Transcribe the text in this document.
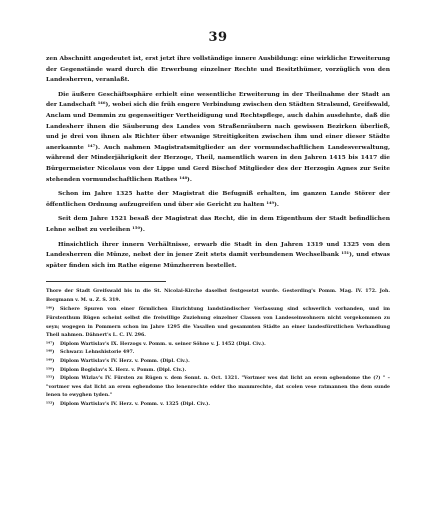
39

zen Abschnitt angedeutet ist, erst jetzt ihre vollständige innere Ausbildung: eine wirkliche Erweiterung der Gegenstände ward durch die Erwerbung einzelner Rechte und Besitzthümer, vorzüglich von den Landesherren, veranlaßt.

Die äußere Geschäftssphäre erhielt eine wesentliche Erweiterung in der Theilnahme der Stadt an der Landschaft ¹⁴⁶), wobei sich die früh engere Verbindung zwischen den Städten Stralsund, Greifswald, Anclam und Demmin zu gegenseitiger Vertheidigung und Rechtspflege, auch dahin ausdehnte, daß die Landesherr ihnen die Säuberung des Landes von Straßenräubern nach gewissen Bezirken überließ, und je drei von ihnen als Richter über etwanige Streitigkeiten zwischen ihm und einer dieser Städte anerkannte ¹⁴⁷). Auch nahmen Magistratsmitglieder an der vormundschaftlichen Landesverwaltung, während der Minderjährigkeit der Herzoge, Theil, namentlich waren in den Jahren 1415 bis 1417 die Bürgermeister Nicolaus von der Lippe und Gerd Bischof Mitglieder des der Herzogin Agnes zur Seite stehenden vormundschaftlichen Rathes ¹⁴⁸).

Schon im Jahre 1325 hatte der Magistrat die Befugniß erhalten, im ganzen Lande Störer der öffentlichen Ordnung aufzugreifen und über sie Gericht zu halten ¹⁴⁹).

Seit dem Jahre 1521 besaß der Magistrat das Recht, die in dem Eigenthum der Stadt befindlichen Lehne selbst zu verleihen ¹⁵⁰).

Hinsichtlich ihrer innern Verhältnisse, erwarb die Stadt in den Jahren 1319 und 1325 von den Landesherren die Münze, nebst der in jener Zeit stets damit verbundenen Wechselbank ¹⁵¹), und etwas später finden sich im Rathe eigene Münzherren bestellet.

Thore der Stadt Greifswald bis in die St. Nicolai-Kirche daselbst festgesetzt wurde. Gesterding's Pomm. Mag. IV. 172. Joh. Bergmann v. M. u. Z. S. 319.

¹⁴⁶) Sichere Spuren von einer förmlichen Einrichtung landständischer Verfassung sind schwerlich vorhanden, und im Fürstenthum Rügen scheint selbst die freiwillige Zuziehung einzelner Classen von Landeseinwohnern nicht vorgekommen zu seyn; wogegen in Pommern schon im Jahre 1295 die Vasallen und gesammten Städte an einer landesfürstlichen Verhandlung Theil nahmen. Dähnert's L. C. IV. 296.

¹⁴⁷) Diplom Wartislav's IX. Herzogs v. Pomm. u. seiner Söhne v. J. 1452 (Dipl. Civ.).

¹⁴⁸) Schwarz: Lehnshistorie 497.

¹⁴⁹) Diplom Wartislav's IV. Herz. v. Pomm. (Dipl. Civ.).

¹⁵⁰) Diplom Bogislav's X. Herz. v. Pomm. (Dipl. Civ.).

¹⁵¹) Diplom Wizlav's IV. Fürsten zu Rügen v. dem Sonnt. n. Oct. 1321. "Vortmer wes dat licht an erem ogbendome the (?) " – "vortmer wes dat licht an erem egbendome tho lenenrechte edder tho manmrechte, dat scolen vese ratmannen tho dem sunde lenen to ewyghen tyden."

¹⁵²) Diplom Wartislav's IV. Herz. v. Pomm. v. 1325 (Dipl. Civ.).
